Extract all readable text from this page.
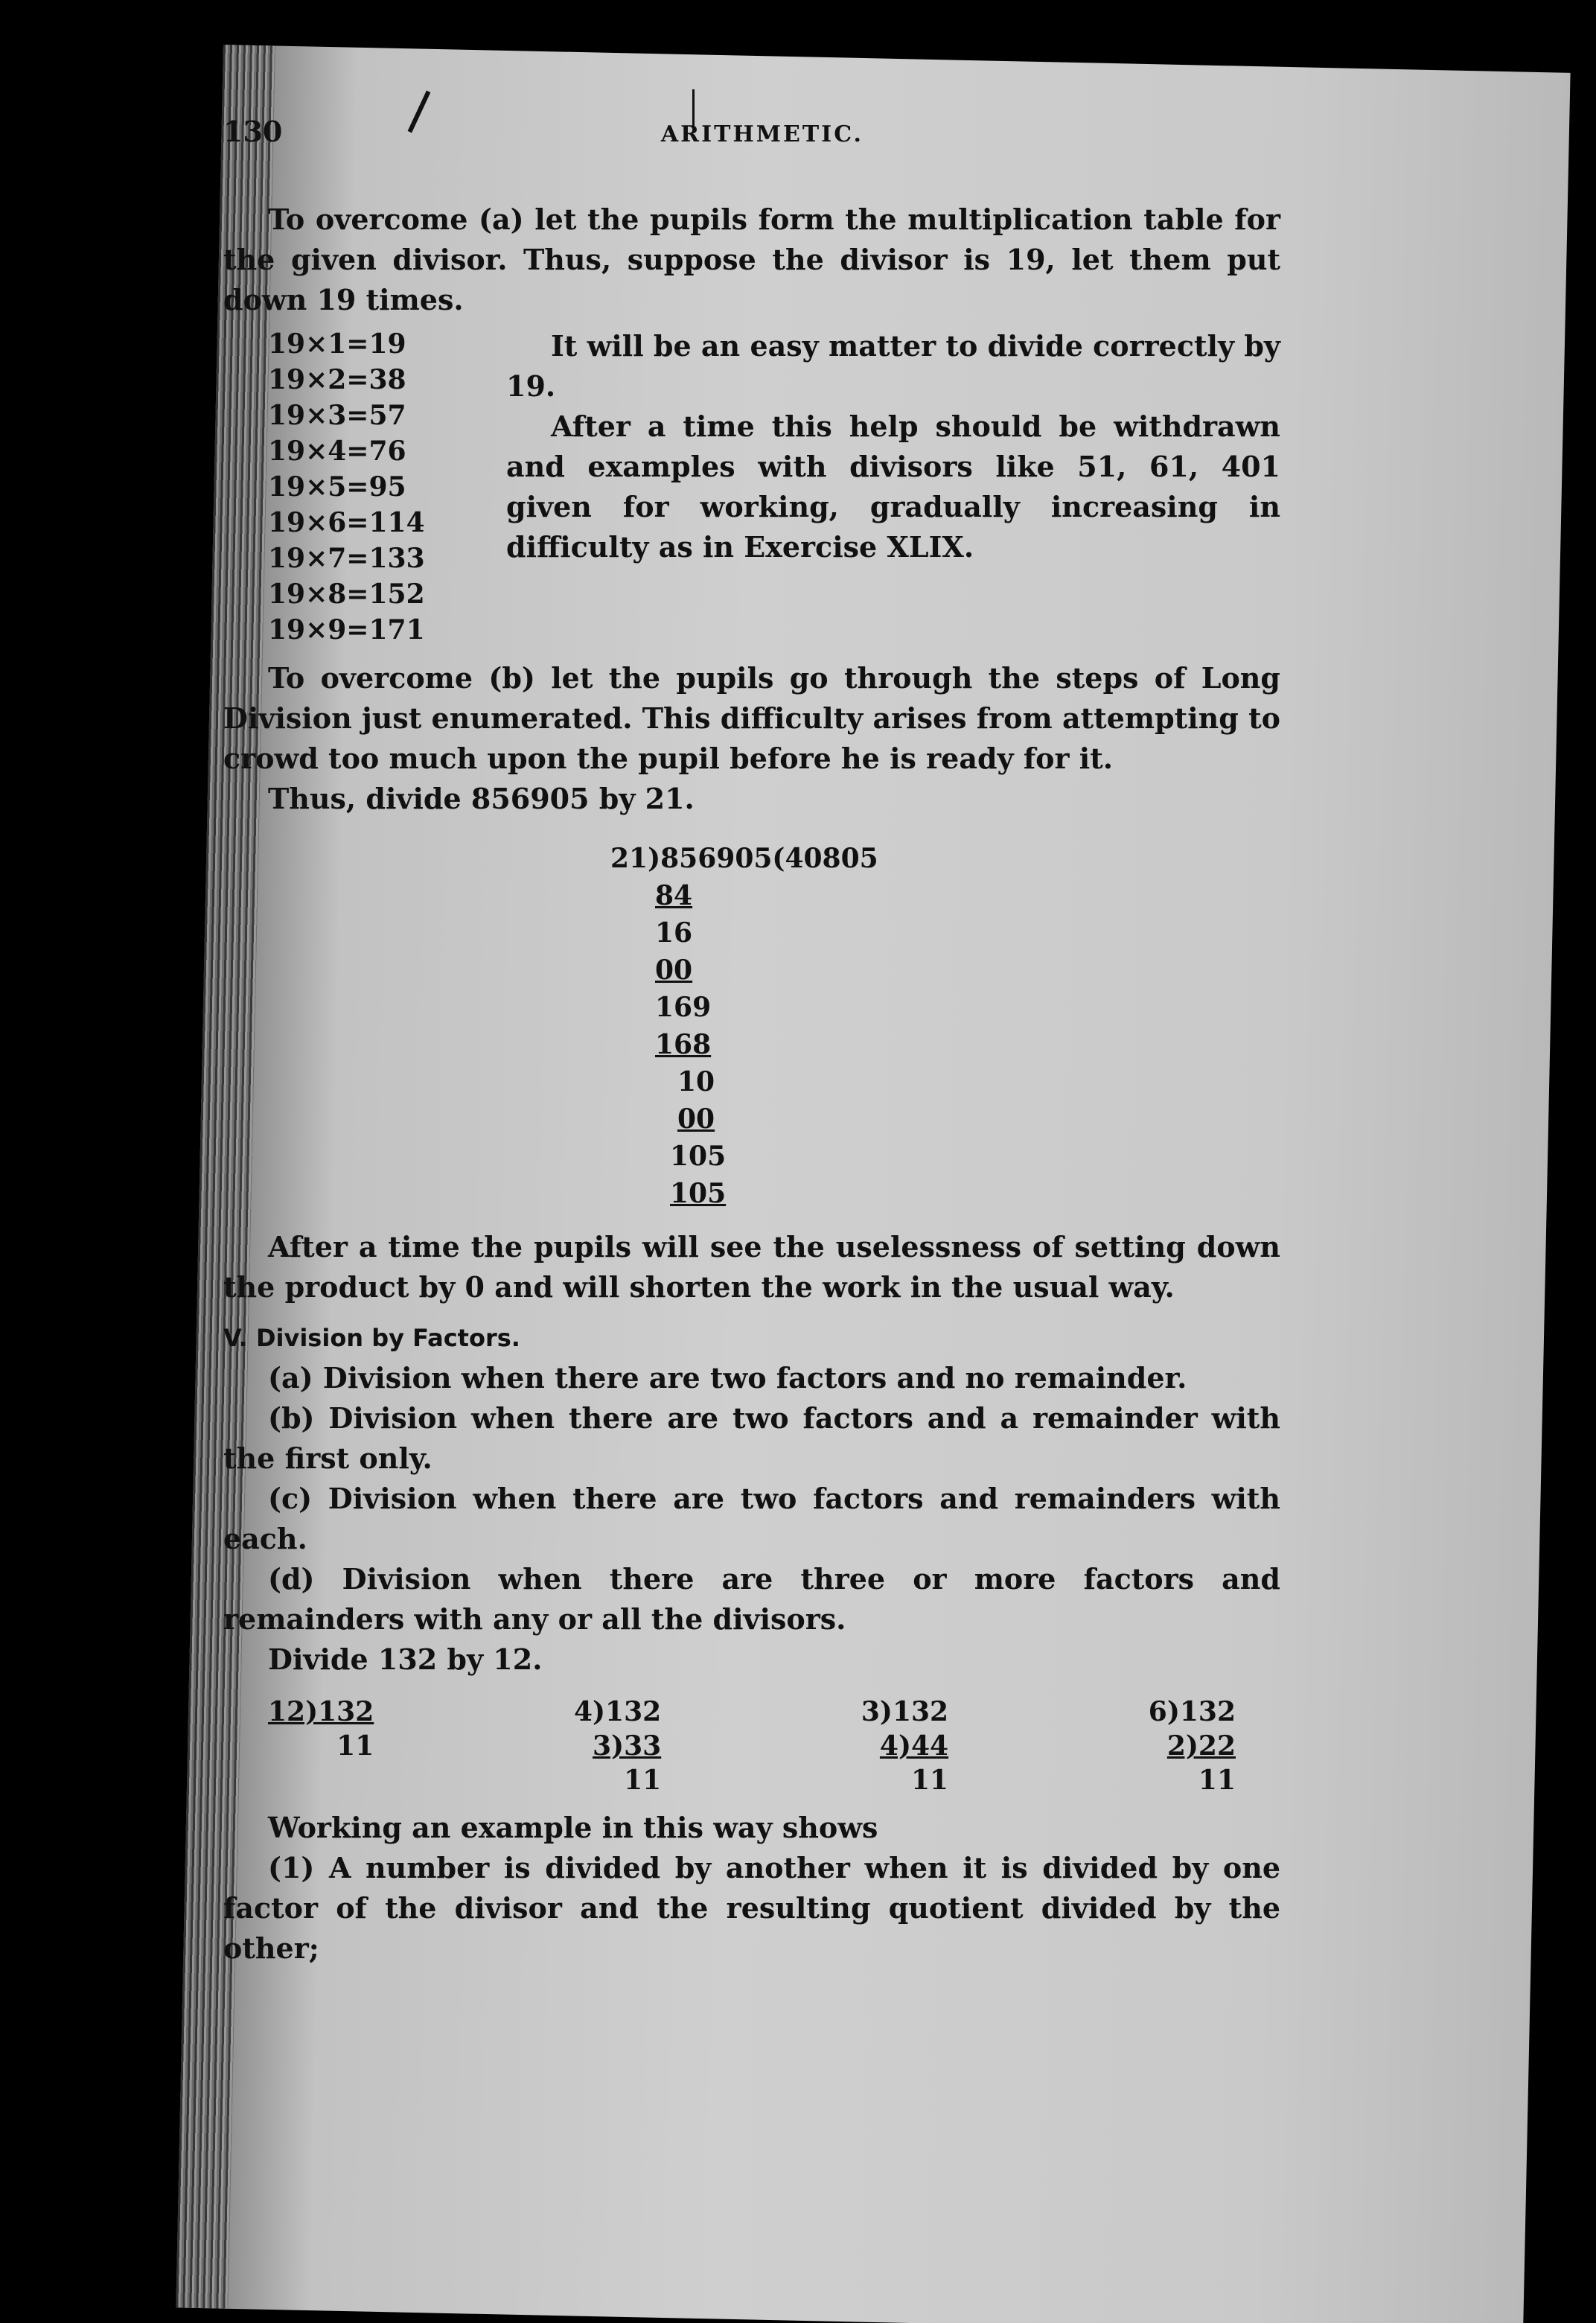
130	ARITHMETIC.

To overcome (a) let the pupils form the multiplication table for the given divisor. Thus, suppose the divisor is 19, let them put down 19 times.

19×1=19
19×2=38
19×3=57
19×4=76
19×5=95
19×6=114
19×7=133
19×8=152
19×9=171

It will be an easy matter to divide correctly by 19.

After a time this help should be withdrawn and examples with divisors like 51, 61, 401 given for working, gradually increasing in difficulty as in Exercise XLIX.

To overcome (b) let the pupils go through the steps of Long Division just enumerated. This difficulty arises from attempting to crowd too much upon the pupil before he is ready for it.

Thus, divide 856905 by 21.

21)856905(40805
84
16
00
169
168
10
00
105
105

After a time the pupils will see the uselessness of setting down the product by 0 and will shorten the work in the usual way.

V. Division by Factors.

(a) Division when there are two factors and no remainder.

(b) Division when there are two factors and a remainder with the first only.

(c) Division when there are two factors and remainders with each.

(d) Division when there are three or more factors and remainders with any or all the divisors.

Divide 132 by 12.

12)132
11
4)132
3)33
11
3)132
4)44
11
6)132
2)22
11

Working an example in this way shows

(1) A number is divided by another when it is divided by one factor of the divisor and the resulting quotient divided by the other;
